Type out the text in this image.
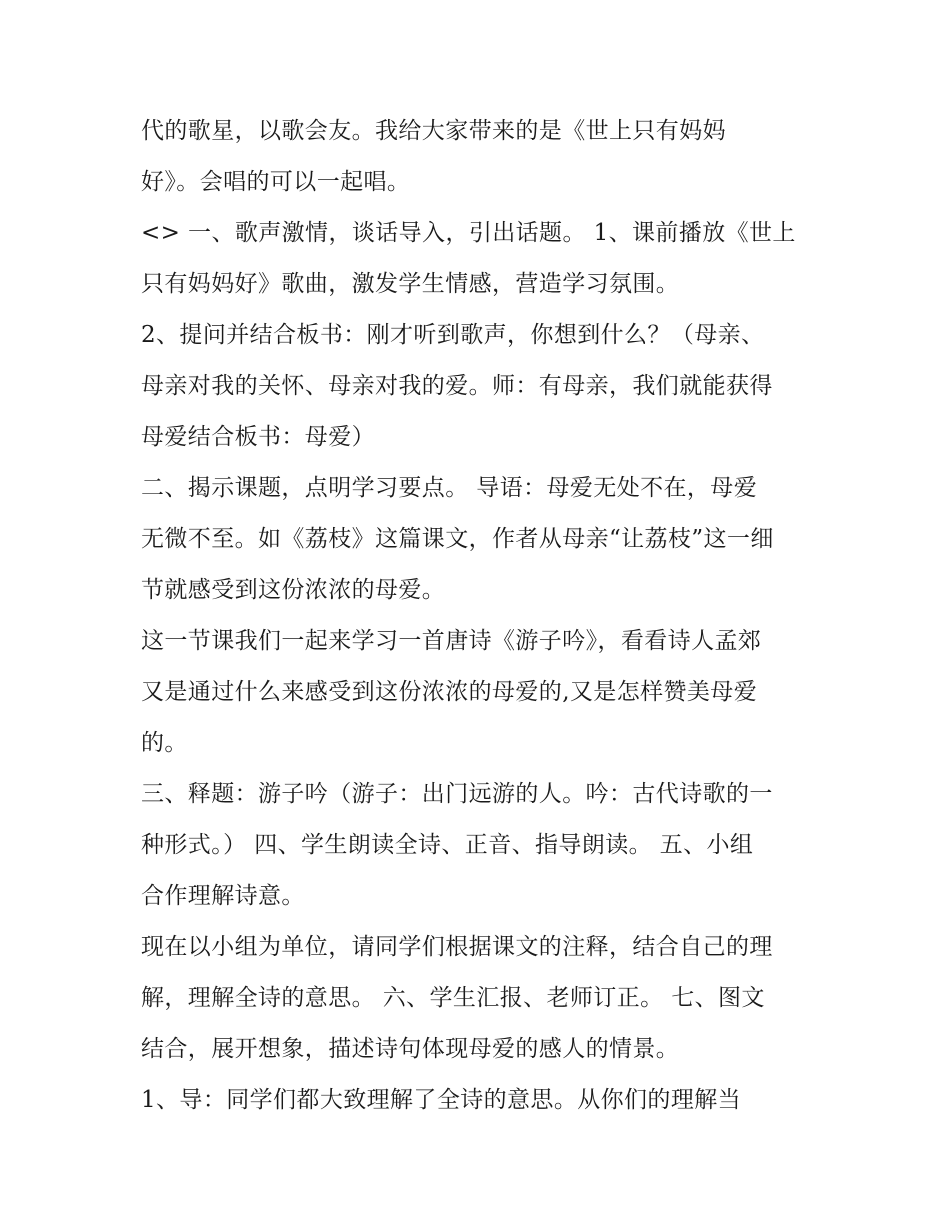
代的歌星，以歌会友。我给大家带来的是《世上只有妈妈
好》。会唱的可以一起唱。
<> 一、歌声激情，谈话导入，引出话题。 1、课前播放《世上
只有妈妈好》歌曲，激发学生情感，营造学习氛围。
2、提问并结合板书：刚才听到歌声，你想到什么？（母亲、
母亲对我的关怀、母亲对我的爱。师：有母亲，我们就能获得
母爱结合板书：母爱）
二、揭示课题，点明学习要点。 导语：母爱无处不在，母爱
无微不至。如《荔枝》这篇课文，作者从母亲“让荔枝”这一细
节就感受到这份浓浓的母爱。
这一节课我们一起来学习一首唐诗《游子吟》，看看诗人孟郊
又是通过什么来感受到这份浓浓的母爱的,又是怎样赞美母爱
的。
三、释题：游子吟（游子：出门远游的人。吟：古代诗歌的一
种形式。） 四、学生朗读全诗、正音、指导朗读。 五、小组
合作理解诗意。
现在以小组为单位，请同学们根据课文的注释，结合自己的理
解，理解全诗的意思。 六、学生汇报、老师订正。 七、图文
结合，展开想象，描述诗句体现母爱的感人的情景。
1、导：同学们都大致理解了全诗的意思。从你们的理解当
